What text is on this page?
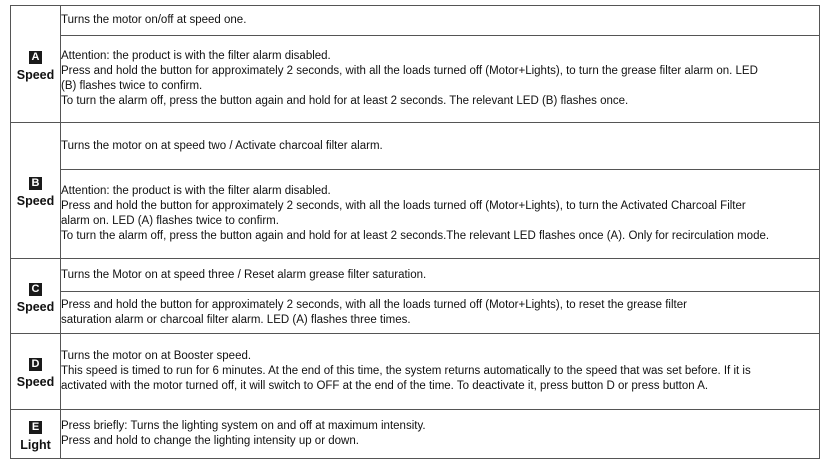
A
Speed	Turns the motor on/off at speed one.

	Attention: the product is with the filter alarm disabled.
Press and hold the button for approximately 2 seconds, with all the loads turned off (Motor+Lights), to turn the grease filter alarm on. LED
(B) flashes twice to confirm.
To turn the alarm off, press the button again and hold for at least 2 seconds. The relevant LED (B) flashes once.

B
Speed	Turns the motor on at speed two / Activate charcoal filter alarm.

	Attention: the product is with the filter alarm disabled.
Press and hold the button for approximately 2 seconds, with all the loads turned off (Motor+Lights), to turn the Activated Charcoal Filter
alarm on. LED (A) flashes twice to confirm.
To turn the alarm off, press the button again and hold for at least 2 seconds.The relevant LED flashes once (A). Only for recirculation mode.

C
Speed	Turns the Motor on at speed three / Reset alarm grease filter saturation.

	Press and hold the button for approximately 2 seconds, with all the loads turned off (Motor+Lights), to reset the grease filter
saturation alarm or charcoal filter alarm. LED (A) flashes three times.

D
Speed	Turns the motor on at Booster speed.
This speed is timed to run for 6 minutes. At the end of this time, the system returns automatically to the speed that was set before. If it is
activated with the motor turned off, it will switch to OFF at the end of the time. To deactivate it, press button D or press button A.

E
Light	Press briefly: Turns the lighting system on and off at maximum intensity.
Press and hold to change the lighting intensity up or down.
